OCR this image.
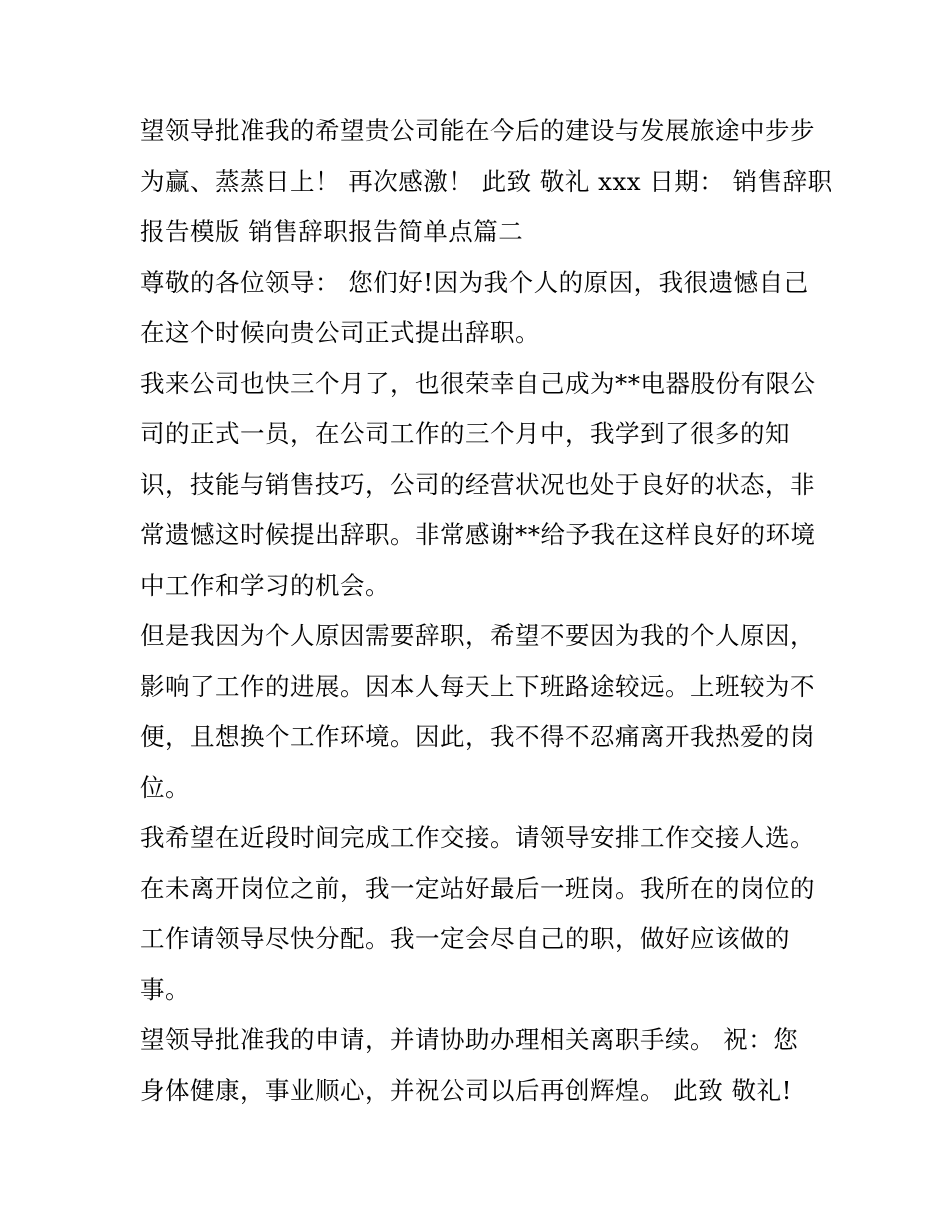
望领导批准我的希望贵公司能在今后的建设与发展旅途中步步
为赢、蒸蒸日上！ 再次感激！ 此致 敬礼 xxx 日期： 销售辞职
报告模版 销售辞职报告简单点篇二
尊敬的各位领导： 您们好!因为我个人的原因，我很遗憾自己
在这个时候向贵公司正式提出辞职。
我来公司也快三个月了，也很荣幸自己成为**电器股份有限公
司的正式一员，在公司工作的三个月中，我学到了很多的知
识，技能与销售技巧，公司的经营状况也处于良好的状态，非
常遗憾这时候提出辞职。非常感谢**给予我在这样良好的环境
中工作和学习的机会。
但是我因为个人原因需要辞职，希望不要因为我的个人原因，
影响了工作的进展。因本人每天上下班路途较远。上班较为不
便，且想换个工作环境。因此，我不得不忍痛离开我热爱的岗
位。
我希望在近段时间完成工作交接。请领导安排工作交接人选。
在未离开岗位之前，我一定站好最后一班岗。我所在的岗位的
工作请领导尽快分配。我一定会尽自己的职，做好应该做的
事。
望领导批准我的申请，并请协助办理相关离职手续。 祝：您
身体健康，事业顺心，并祝公司以后再创辉煌。 此致 敬礼!
